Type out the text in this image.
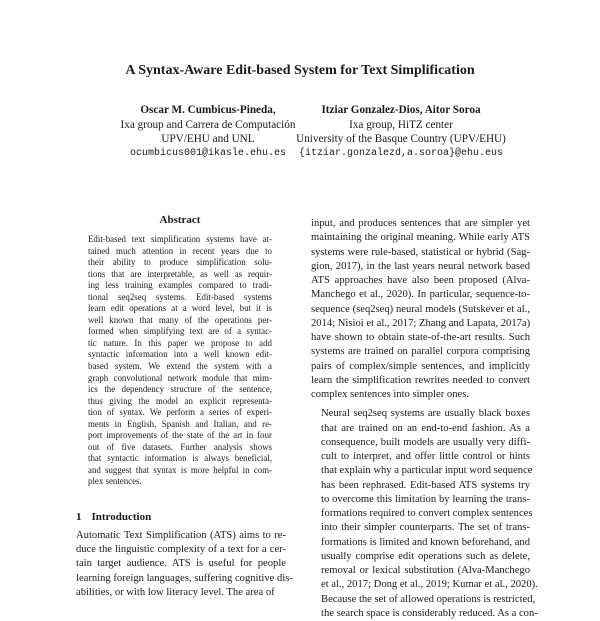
A Syntax-Aware Edit-based System for Text Simplification
Oscar M. Cumbicus-Pineda,
Ixa group and Carrera de Computación
UPV/EHU and UNL
ocumbicus001@ikasle.ehu.es
Itziar Gonzalez-Dios, Aitor Soroa
Ixa group, HiTZ center
University of the Basque Country (UPV/EHU)
{itziar.gonzalezd,a.soroa}@ehu.eus
Abstract
Edit-based text simplification systems have at-
tained much attention in recent years due to
their ability to produce simplification solu-
tions that are interpretable, as well as requir-
ing less training examples compared to tradi-
tional seq2seq systems. Edit-based systems
learn edit operations at a word level, but it is
well known that many of the operations per-
formed when simplifying text are of a syntac-
tic nature. In this paper we propose to add
syntactic information into a well known edit-
based system. We extend the system with a
graph convolutional network module that mim-
ics the dependency structure of the sentence,
thus giving the model an explicit representa-
tion of syntax. We perform a series of experi-
ments in English, Spanish and Italian, and re-
port improvements of the state of the art in four
out of five datasets. Further analysis shows
that syntactic information is always beneficial,
and suggest that syntax is more helpful in com-
plex sentences.
1 Introduction
Automatic Text Simplification (ATS) aims to re-
duce the linguistic complexity of a text for a cer-
tain target audience. ATS is useful for people
learning foreign languages, suffering cognitive dis-
abilities, or with low literacy level. The area of

input, and produces sentences that are simpler yet
maintaining the original meaning. While early ATS
systems were rule-based, statistical or hybrid (Sag-
gion, 2017), in the last years neural network based
ATS approaches have also been proposed (Alva-
Manchego et al., 2020). In particular, sequence-to-
sequence (seq2seq) neural models (Sutskever et al.,
2014; Nisioi et al., 2017; Zhang and Lapata, 2017a)
have shown to obtain state-of-the-art results. Such
systems are trained on parallel corpora comprising
pairs of complex/simple sentences, and implicitly
learn the simplification rewrites needed to convert
complex sentences into simpler ones.

Neural seq2seq systems are usually black boxes
that are trained on an end-to-end fashion. As a
consequence, built models are usually very diffi-
cult to interpret, and offer little control or hints
that explain why a particular input word sequence
has been rephrased. Edit-based ATS systems try
to overcome this limitation by learning the trans-
formations required to convert complex sentences
into their simpler counterparts. The set of trans-
formations is limited and known beforehand, and
usually comprise edit operations such as delete,
removal or lexical substitution (Alva-Manchego
et al., 2017; Dong et al., 2019; Kumar et al., 2020).
Because the set of allowed operations is restricted,
the search space is considerably reduced. As a con-
